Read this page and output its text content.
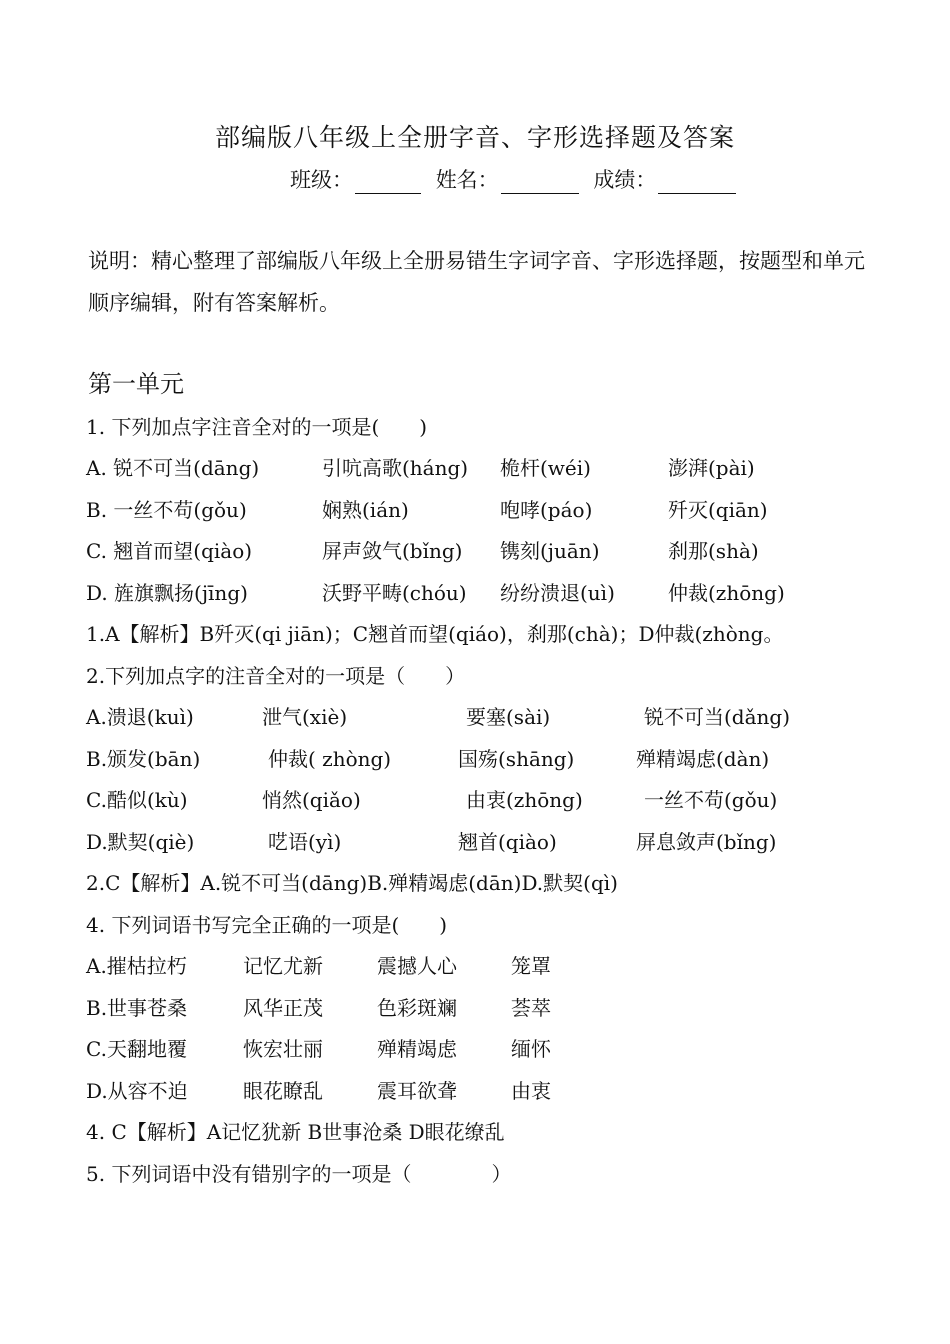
部编版八年级上全册字音、字形选择题及答案
班级：	姓名：	成绩：
说明：精心整理了部编版八年级上全册易错生字词字音、字形选择题，按题型和单元顺序编辑，附有答案解析。
第一单元
1. 下列加点字注音全对的一项是(　　)
A. 锐不可当(dāng)	引吭高歌(háng) 桅杆(wéi)	澎湃(pài)
B. 一丝不苟(gǒu)	娴熟(ián)	咆哮(páo)	歼灭(qiān)
C. 翘首而望(qiào)	屏声敛气(bǐng) 镌刻(juān)	刹那(shà)
D. 旌旗飘扬(jīng)	沃野平畴(chóu) 纷纷溃退(uì)	仲裁(zhōng)
1.A【解析】B歼灭(qi jiān)；C翘首而望(qiáo)，刹那(chà)；D仲裁(zhòng。
2.下列加点字的注音全对的一项是（　　）
A.溃退(kuì)	泄气(xiè)	要塞(sài)	锐不可当(dǎng)
B.颁发(bān)	仲裁( zhòng)	国殇(shāng)	殚精竭虑(dàn)
C.酷似(kù)	悄然(qiǎo)	由衷(zhōng)	一丝不苟(gǒu)
D.默契(qiè)	呓语(yì)	翘首(qiào)	屏息敛声(bǐng)
2.C【解析】A.锐不可当(dāng)B.殚精竭虑(dān)D.默契(qì)
4. 下列词语书写完全正确的一项是(　　)
A.摧枯拉朽	记忆尤新	震撼人心	笼罩
B.世事苍桑	风华正茂	色彩斑斓	荟萃
C.天翻地覆	恢宏壮丽	殚精竭虑	缅怀
D.从容不迫	眼花瞭乱	震耳欲聋	由衷
4. C【解析】A记忆犹新 B世事沧桑 D眼花缭乱
5. 下列词语中没有错别字的一项是（　　　　）
